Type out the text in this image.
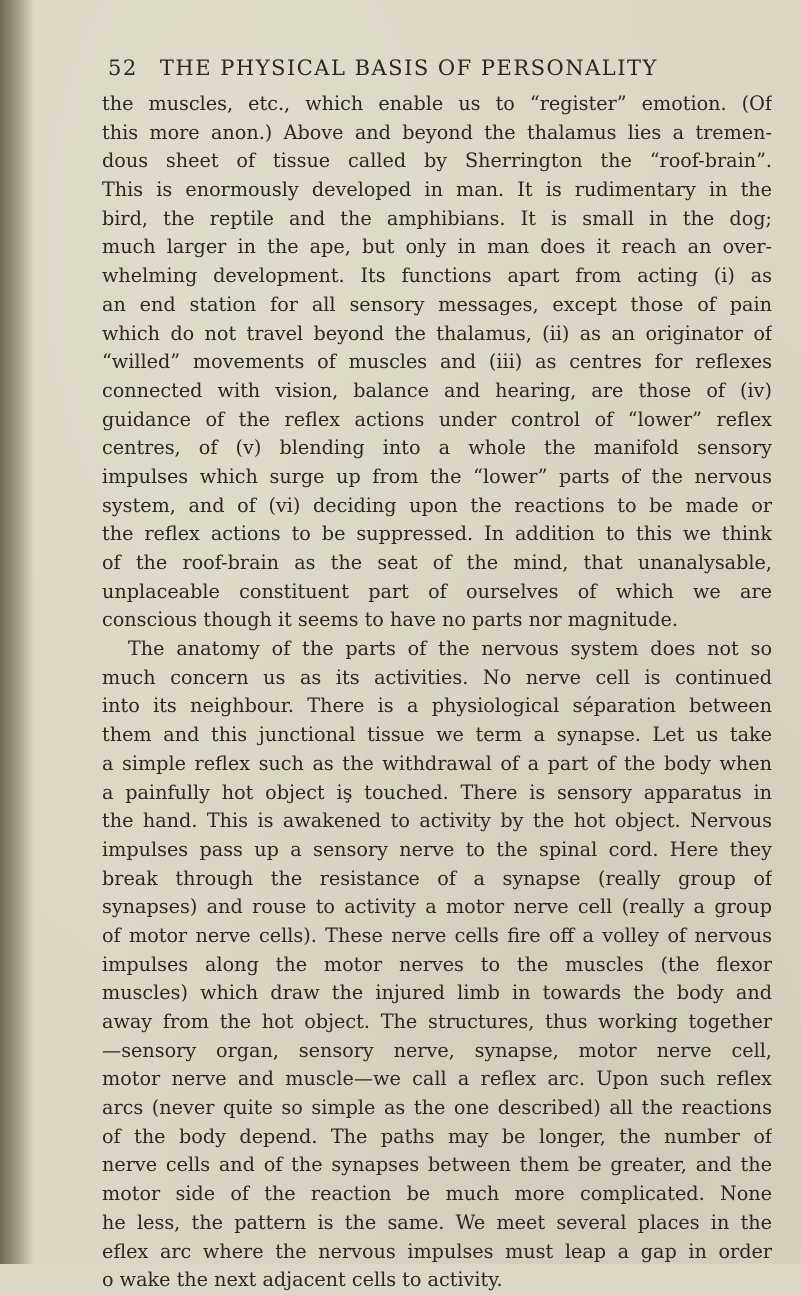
52 THE PHYSICAL BASIS OF PERSONALITY
the muscles, etc., which enable us to “register” emotion. (Of
this more anon.) Above and beyond the thalamus lies a tremen-
dous sheet of tissue called by Sherrington the “roof-brain”.
This is enormously developed in man. It is rudimentary in the
bird, the reptile and the amphibians. It is small in the dog;
much larger in the ape, but only in man does it reach an over-
whelming development. Its functions apart from acting (i) as
an end station for all sensory messages, except those of pain
which do not travel beyond the thalamus, (ii) as an originator of
“willed” movements of muscles and (iii) as centres for reflexes
connected with vision, balance and hearing, are those of (iv)
guidance of the reflex actions under control of “lower” reflex
centres, of (v) blending into a whole the manifold sensory
impulses which surge up from the “lower” parts of the nervous
system, and of (vi) deciding upon the reactions to be made or
the reflex actions to be suppressed. In addition to this we think
of the roof-brain as the seat of the mind, that unanalysable,
unplaceable constituent part of ourselves of which we are
conscious though it seems to have no parts nor magnitude.
The anatomy of the parts of the nervous system does not so
much concern us as its activities. No nerve cell is continued
into its neighbour. There is a physiological séparation between
them and this junctional tissue we term a synapse. Let us take
a simple reflex such as the withdrawal of a part of the body when
a painfully hot object iş touched. There is sensory apparatus in
the hand. This is awakened to activity by the hot object. Nervous
impulses pass up a sensory nerve to the spinal cord. Here they
break through the resistance of a synapse (really group of
synapses) and rouse to activity a motor nerve cell (really a group
of motor nerve cells). These nerve cells fire off a volley of nervous
impulses along the motor nerves to the muscles (the flexor
muscles) which draw the injured limb in towards the body and
away from the hot object. The structures, thus working together
—sensory organ, sensory nerve, synapse, motor nerve cell,
motor nerve and muscle—we call a reflex arc. Upon such reflex
arcs (never quite so simple as the one described) all the reactions
of the body depend. The paths may be longer, the number of
nerve cells and of the synapses between them be greater, and the
motor side of the reaction be much more complicated. None
he less, the pattern is the same. We meet several places in the
eflex arc where the nervous impulses must leap a gap in order
o wake the next adjacent cells to activity.
